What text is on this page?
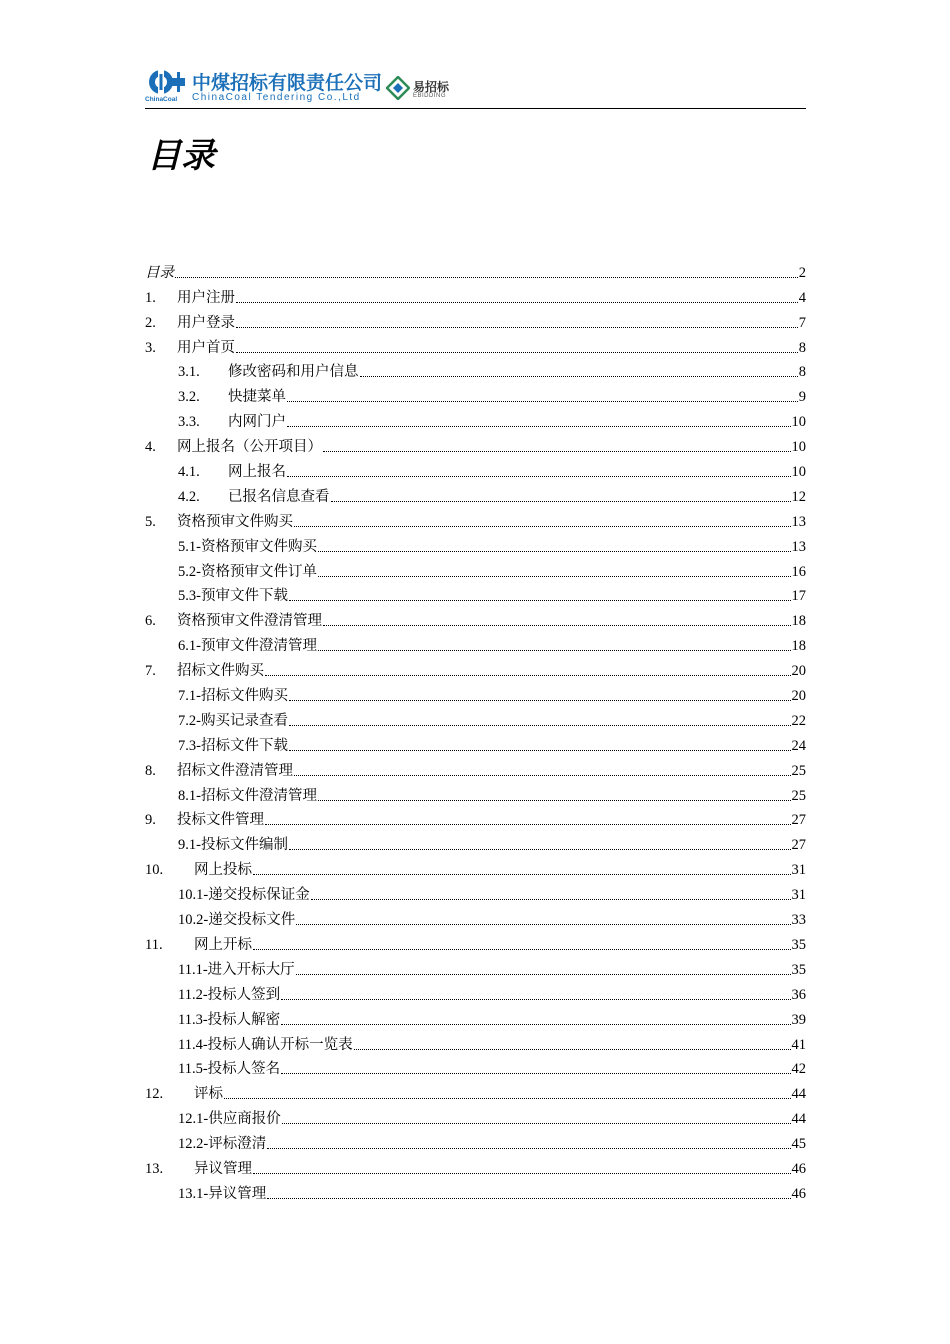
ChinaCoal
中煤招标有限责任公司
ChinaCoal Tendering Co.,Ltd
易招标
EBIDDING
目录
目录	2
1.	用户注册	4
2.	用户登录	7
3.	用户首页	8
3.1.	修改密码和用户信息	8
3.2.	快捷菜单	9
3.3.	内网门户	10
4.	网上报名（公开项目）	10
4.1.	网上报名	10
4.2.	已报名信息查看	12
5.	资格预审文件购买	13
5.1- 资格预审文件购买	13
5.2- 资格预审文件订单	16
5.3- 预审文件下载	17
6.	资格预审文件澄清管理	18
6.1- 预审文件澄清管理	18
7.	招标文件购买	20
7.1- 招标文件购买	20
7.2- 购买记录查看	22
7.3- 招标文件下载	24
8.	招标文件澄清管理	25
8.1- 招标文件澄清管理	25
9.	投标文件管理	27
9.1- 投标文件编制	27
10.	网上投标	31
10.1- 递交投标保证金	31
10.2- 递交投标文件	33
11.	网上开标	35
11.1- 进入开标大厅	35
11.2- 投标人签到	36
11.3- 投标人解密	39
11.4- 投标人确认开标一览表	41
11.5- 投标人签名	42
12.	评标	44
12.1- 供应商报价	44
12.2- 评标澄清	45
13.	异议管理	46
13.1- 异议管理	46
